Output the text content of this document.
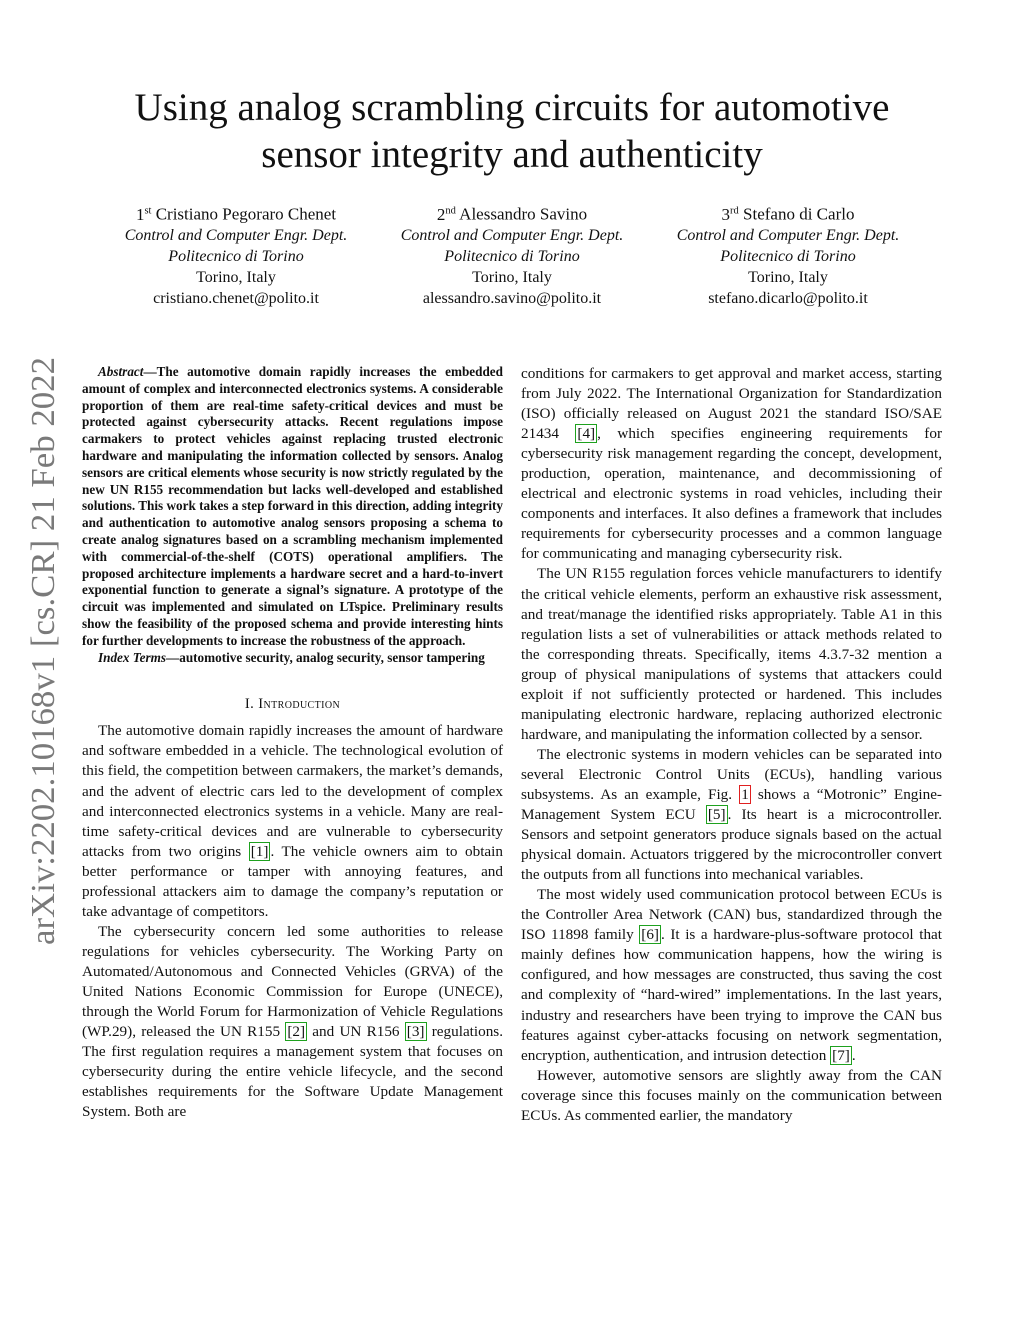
arXiv:2202.10168v1 [cs.CR] 21 Feb 2022
Using analog scrambling circuits for automotive
sensor integrity and authenticity
1st Cristiano Pegoraro Chenet
Control and Computer Engr. Dept.
Politecnico di Torino
Torino, Italy
cristiano.chenet@polito.it
2nd Alessandro Savino
Control and Computer Engr. Dept.
Politecnico di Torino
Torino, Italy
alessandro.savino@polito.it
3rd Stefano di Carlo
Control and Computer Engr. Dept.
Politecnico di Torino
Torino, Italy
stefano.dicarlo@polito.it

Abstract—The automotive domain rapidly increases the embedded amount of complex and interconnected electronics systems. A considerable proportion of them are real-time safety-critical devices and must be protected against cybersecurity attacks. Recent regulations impose carmakers to protect vehicles against replacing trusted electronic hardware and manipulating the information collected by sensors. Analog sensors are critical elements whose security is now strictly regulated by the new UN R155 recommendation but lacks well-developed and established solutions. This work takes a step forward in this direction, adding integrity and authentication to automotive analog sensors proposing a schema to create analog signatures based on a scrambling mechanism implemented with commercial-of-the-shelf (COTS) operational amplifiers. The proposed architecture implements a hardware secret and a hard-to-invert exponential function to generate a signal’s signature. A prototype of the circuit was implemented and simulated on LTspice. Preliminary results show the feasibility of the proposed schema and provide interesting hints for further developments to increase the robustness of the approach.

Index Terms—automotive security, analog security, sensor tampering

I. Introduction

The automotive domain rapidly increases the amount of hardware and software embedded in a vehicle. The technological evolution of this field, the competition between carmakers, the market’s demands, and the advent of electric cars led to the development of complex and interconnected electronics systems in a vehicle. Many are real-time safety-critical devices and are vulnerable to cybersecurity attacks from two origins [1] . The vehicle owners aim to obtain better performance or tamper with annoying features, and professional attackers aim to damage the company’s reputation or take advantage of competitors.

The cybersecurity concern led some authorities to release regulations for vehicles cybersecurity. The Working Party on Automated/Autonomous and Connected Vehicles (GRVA) of the United Nations Economic Commission for Europe (UNECE), through the World Forum for Harmonization of Vehicle Regulations (WP.29), released the UN R155 [2] and UN R156 [3] regulations. The first regulation requires a management system that focuses on cybersecurity during the entire vehicle lifecycle, and the second establishes requirements for the Software Update Management System. Both are

conditions for carmakers to get approval and market access, starting from July 2022. The International Organization for Standardization (ISO) officially released on August 2021 the standard ISO/SAE 21434 [4] , which specifies engineering requirements for cybersecurity risk management regarding the concept, development, production, operation, maintenance, and decommissioning of electrical and electronic systems in road vehicles, including their components and interfaces. It also defines a framework that includes requirements for cybersecurity processes and a common language for communicating and managing cybersecurity risk.

The UN R155 regulation forces vehicle manufacturers to identify the critical vehicle elements, perform an exhaustive risk assessment, and treat/manage the identified risks appropriately. Table A1 in this regulation lists a set of vulnerabilities or attack methods related to the corresponding threats. Specifically, items 4.3.7-32 mention a group of physical manipulations of systems that attackers could exploit if not sufficiently protected or hardened. This includes manipulating electronic hardware, replacing authorized electronic hardware, and manipulating the information collected by a sensor.

The electronic systems in modern vehicles can be separated into several Electronic Control Units (ECUs), handling various subsystems. As an example, Fig. 1 shows a “Motronic” Engine-Management System ECU [5] . Its heart is a microcontroller. Sensors and setpoint generators produce signals based on the actual physical domain. Actuators triggered by the microcontroller convert the outputs from all functions into mechanical variables.

The most widely used communication protocol between ECUs is the Controller Area Network (CAN) bus, standardized through the ISO 11898 family [6] . It is a hardware-plus-software protocol that mainly defines how communication happens, how the wiring is configured, and how messages are constructed, thus saving the cost and complexity of “hard-wired” implementations. In the last years, industry and researchers have been trying to improve the CAN bus features against cyber-attacks focusing on network segmentation, encryption, authentication, and intrusion detection [7] .

However, automotive sensors are slightly away from the CAN coverage since this focuses mainly on the communication between ECUs. As commented earlier, the mandatory
